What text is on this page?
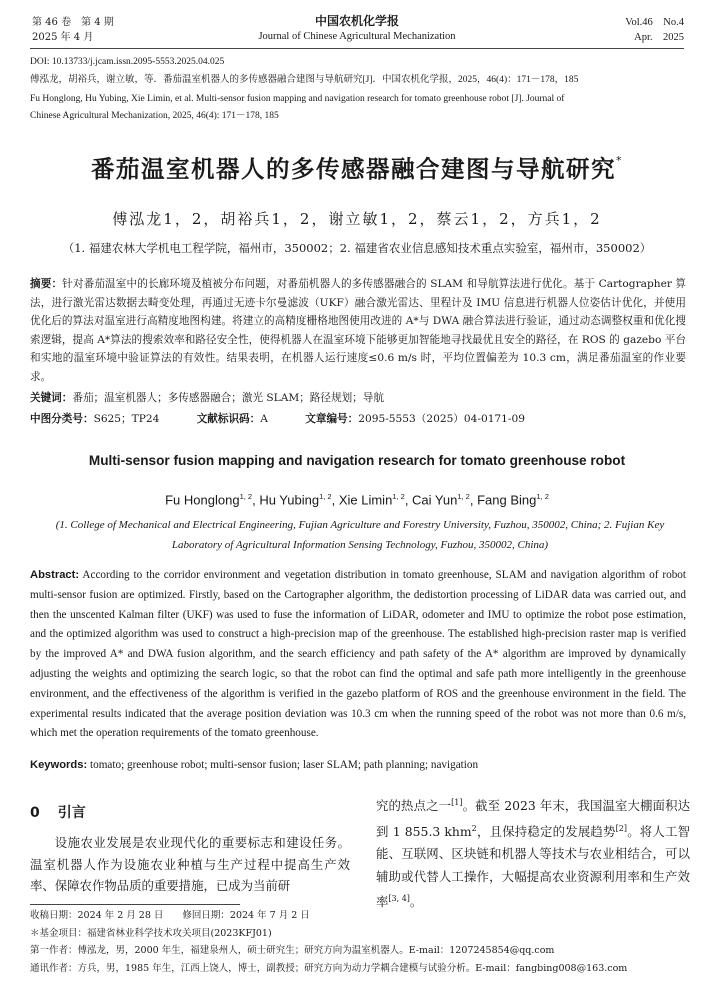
第 46 卷　第 4 期
2025 年 4 月
中国农机化学报
Journal of Chinese Agricultural Mechanization
Vol.46　No.4
Apr.　2025
DOI: 10.13733/j.jcam.issn.2095-5553.2025.04.025
傅泓龙，胡裕兵，谢立敏，等．番茄温室机器人的多传感器融合建图与导航研究[J]．中国农机化学报，2025，46(4)：171－178，185
Fu Honglong, Hu Yubing, Xie Limin, et al. Multi-sensor fusion mapping and navigation research for tomato greenhouse robot [J]. Journal of
Chinese Agricultural Mechanization, 2025, 46(4): 171－178, 185
番茄温室机器人的多传感器融合建图与导航研究*
傅泓龙1，2，胡裕兵1，2，谢立敏1，2，蔡云1，2，方兵1，2
（1. 福建农林大学机电工程学院，福州市，350002；2. 福建省农业信息感知技术重点实验室，福州市，350002）
摘要：针对番茄温室中的长廊环境及植被分布问题，对番茄机器人的多传感器融合的 SLAM 和导航算法进行优化。基于 Cartographer 算法，进行激光雷达数据去畸变处理，再通过无迹卡尔曼滤波（UKF）融合激光雷达、里程计及 IMU 信息进行机器人位姿估计优化，并使用优化后的算法对温室进行高精度地图构建。将建立的高精度栅格地图使用改进的 A*与 DWA 融合算法进行验证，通过动态调整权重和优化搜索逻辑，提高 A*算法的搜索效率和路径安全性，使得机器人在温室环境下能够更加智能地寻找最优且安全的路径，在 ROS 的 gazebo 平台和实地的温室环境中验证算法的有效性。结果表明，在机器人运行速度≤0.6 m/s 时，平均位置偏差为 10.3 cm，满足番茄温室的作业要求。
关键词：番茄；温室机器人；多传感器融合；激光 SLAM；路径规划；导航
中图分类号：S625；TP24	文献标识码：A	文章编号：2095-5553（2025）04-0171-09
Multi-sensor fusion mapping and navigation research for tomato greenhouse robot
Fu Honglong$^{1, 2}$, Hu Yubing$^{1, 2}$, Xie Limin$^{1, 2}$, Cai Yun$^{1, 2}$, Fang Bing$^{1, 2}$
(1. College of Mechanical and Electrical Engineering, Fujian Agriculture and Forestry University, Fuzhou, 350002, China; 2. Fujian Key Laboratory of Agricultural Information Sensing Technology, Fuzhou, 350002, China)
Abstract: According to the corridor environment and vegetation distribution in tomato greenhouse, SLAM and navigation algorithm of robot multi-sensor fusion are optimized. Firstly, based on the Cartographer algorithm, the dedistortion processing of LiDAR data was carried out, and then the unscented Kalman filter (UKF) was used to fuse the information of LiDAR, odometer and IMU to optimize the robot pose estimation, and the optimized algorithm was used to construct a high-precision map of the greenhouse. The established high-precision raster map is verified by the improved A* and DWA fusion algorithm, and the search efficiency and path safety of the A* algorithm are improved by dynamically adjusting the weights and optimizing the search logic, so that the robot can find the optimal and safe path more intelligently in the greenhouse environment, and the effectiveness of the algorithm is verified in the gazebo platform of ROS and the greenhouse environment in the field. The experimental results indicated that the average position deviation was 10.3 cm when the running speed of the robot was not more than 0.6 m/s, which met the operation requirements of the tomato greenhouse.
Keywords: tomato; greenhouse robot; multi-sensor fusion; laser SLAM; path planning; navigation
0 引言

设施农业发展是农业现代化的重要标志和建设任务。温室机器人作为设施农业种植与生产过程中提高生产效率、保障农作物品质的重要措施，已成为当前研

究的热点之一[1]。截至 2023 年末，我国温室大棚面积达到 1 855.3 khm$^2$，且保持稳定的发展趋势[2]。将人工智能、互联网、区块链和机器人等技术与农业相结合，可以辅助或代替人工操作，大幅提高农业资源利用率和生产效率[3, 4]。

收稿日期：2024 年 2 月 28 日　　修回日期：2024 年 7 月 2 日
＊基金项目：福建省林业科学技术攻关项目(2023KFJ01)
第一作者：傅泓龙，男，2000 年生，福建泉州人，硕士研究生；研究方向为温室机器人。E-mail：1207245854@qq.com
通讯作者：方兵，男，1985 年生，江西上饶人，博士，副教授；研究方向为动力学耦合建模与试验分析。E-mail：fangbing008@163.com
